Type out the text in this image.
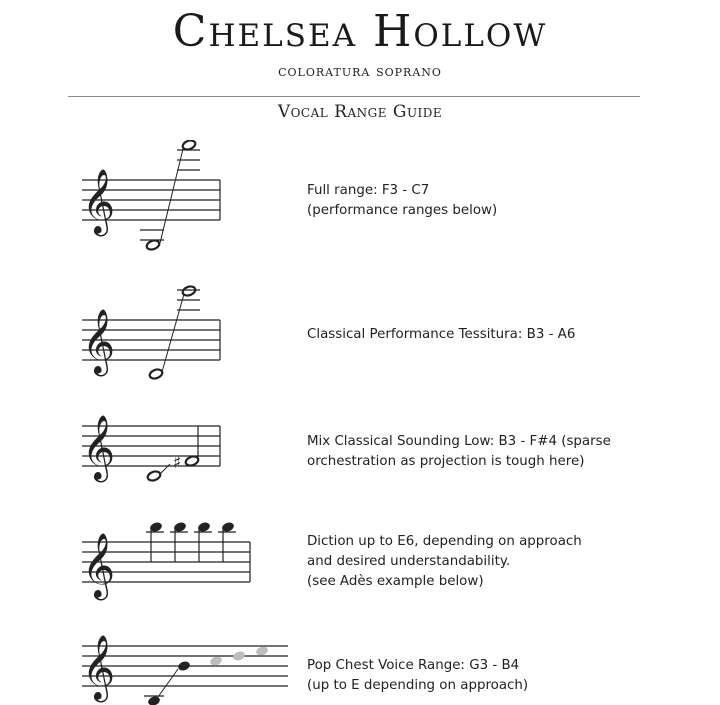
Chelsea Hollow
coloratura soprano
Vocal Range Guide
𝄞	Full range: F3 - C7
(performance ranges below)
𝄞	Classical Performance Tessitura: B3 - A6
𝄞	♯
Mix Classical Sounding Low: B3 - F#4 (sparse
orchestration as projection is tough here)
𝄞	Diction up to E6, depending on approach
and desired understandability.
(see Adès example below)
𝄞	Pop Chest Voice Range: G3 - B4
(up to E depending on approach)
